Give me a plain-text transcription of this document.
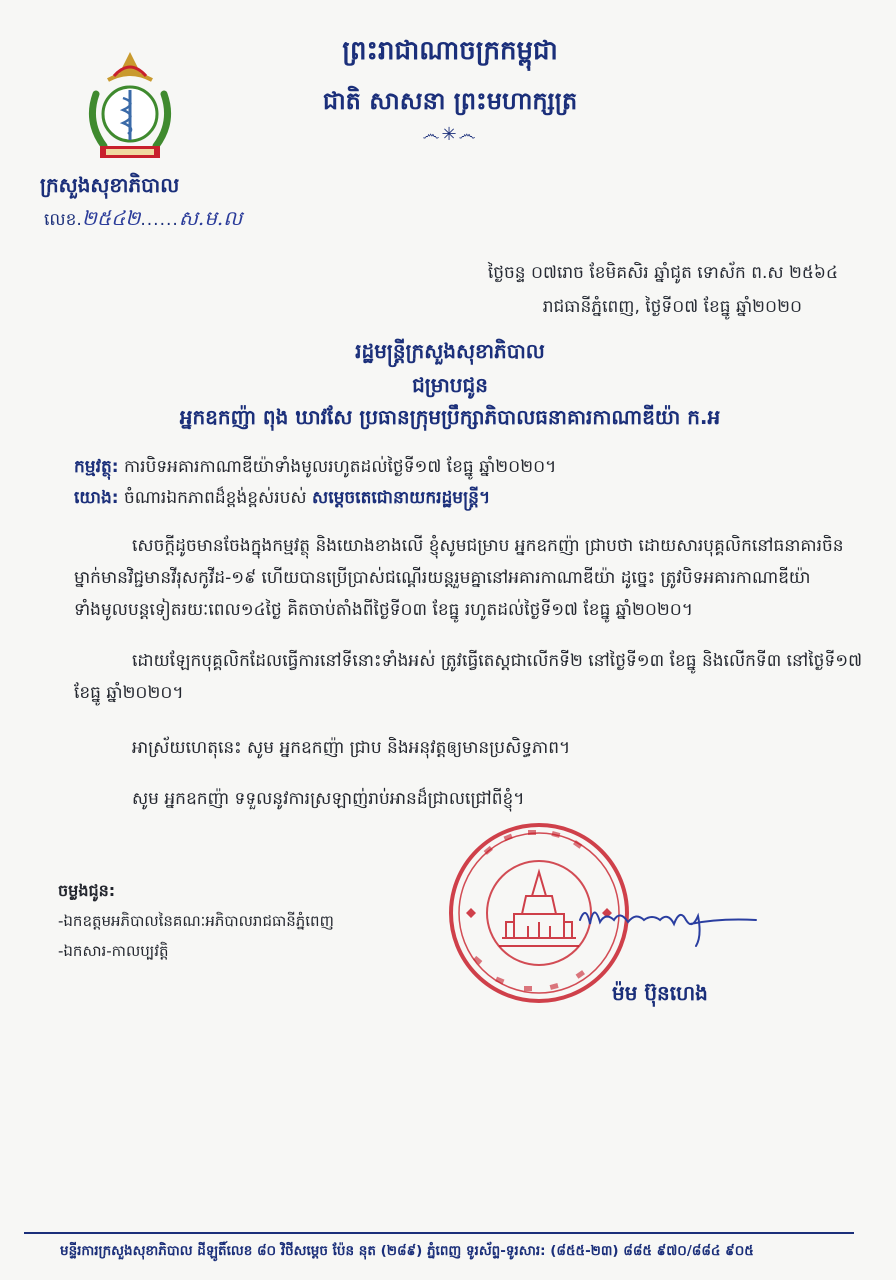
ព្រះរាជាណាចក្រកម្ពុជា
ជាតិ សាសនា ព្រះមហាក្សត្រ
෴✳෴
ក្រសួងសុខាភិបាល
លេខ.២៥៤២......ស.ម.ល
ថ្ងៃចន្ទ ០៧រោច ខែមិគសិរ ឆ្នាំជូត ទោស័ក ព.ស ២៥៦៤
រាជធានីភ្នំពេញ, ថ្ងៃទី០៧ ខែធ្នូ ឆ្នាំ២០២០
រដ្ឋមន្ត្រីក្រសួងសុខាភិបាល
ជម្រាបជូន
អ្នកឧកញ៉ា ពុង ឃាវសែ ប្រធានក្រុមប្រឹក្សាភិបាលធនាគារកាណាឌីយ៉ា ក.អ
កម្មវត្ថុ: ការបិទអគារកាណាឌីយ៉ាទាំងមូលរហូតដល់ថ្ងៃទី១៧ ខែធ្នូ ឆ្នាំ២០២០។
យោង: ចំណារឯកភាពដ៏ខ្ពង់ខ្ពស់របស់ សម្តេចតេជោនាយករដ្ឋមន្ត្រី។
សេចក្តីដូចមានចែងក្នុងកម្មវត្ថុ និងយោងខាងលើ ខ្ញុំសូមជម្រាប អ្នកឧកញ៉ា ជ្រាបថា ដោយសារបុគ្គលិកនៅធនាគារចិនម្នាក់មានវិជ្ជមានវីរុសកូវីដ-១៩ ហើយបានប្រើប្រាស់ជណ្តើរយន្តរួមគ្នានៅអគារកាណាឌីយ៉ា ដូច្នេះ ត្រូវបិទអគារកាណាឌីយ៉ាទាំងមូលបន្តទៀតរយៈពេល១៤ថ្ងៃ គិតចាប់តាំងពីថ្ងៃទី០៣ ខែធ្នូ រហូតដល់ថ្ងៃទី១៧ ខែធ្នូ ឆ្នាំ២០២០។
ដោយឡែកបុគ្គលិកដែលធ្វើការនៅទីនោះទាំងអស់ ត្រូវធ្វើតេស្តជាលើកទី២ នៅថ្ងៃទី១៣ ខែធ្នូ និងលើកទី៣ នៅថ្ងៃទី១៧ ខែធ្នូ ឆ្នាំ២០២០។
អាស្រ័យហេតុនេះ សូម អ្នកឧកញ៉ា ជ្រាប និងអនុវត្តឲ្យមានប្រសិទ្ធភាព។
សូម អ្នកឧកញ៉ា ទទួលនូវការស្រឡាញ់រាប់អានដ៏ជ្រាលជ្រៅពីខ្ញុំ។
ចម្លងជូន:
-ឯកឧត្តមអភិបាលនៃគណៈអភិបាលរាជធានីភ្នំពេញ
-ឯកសារ-កាលប្បវត្តិ
ម៉ម ប៊ុនហេង
មន្ទីរការក្រសួងសុខាភិបាល ដីឡូតិ៍លេខ ៨០ វិថីសម្តេច ប៉ែន នុត (២៨៩) ភ្នំពេញ ទូរស័ព្ទ-ទូរសារ: (៨៥៥-២៣) ៨៨៥ ៩៧០/៨៨៤ ៩០៥
